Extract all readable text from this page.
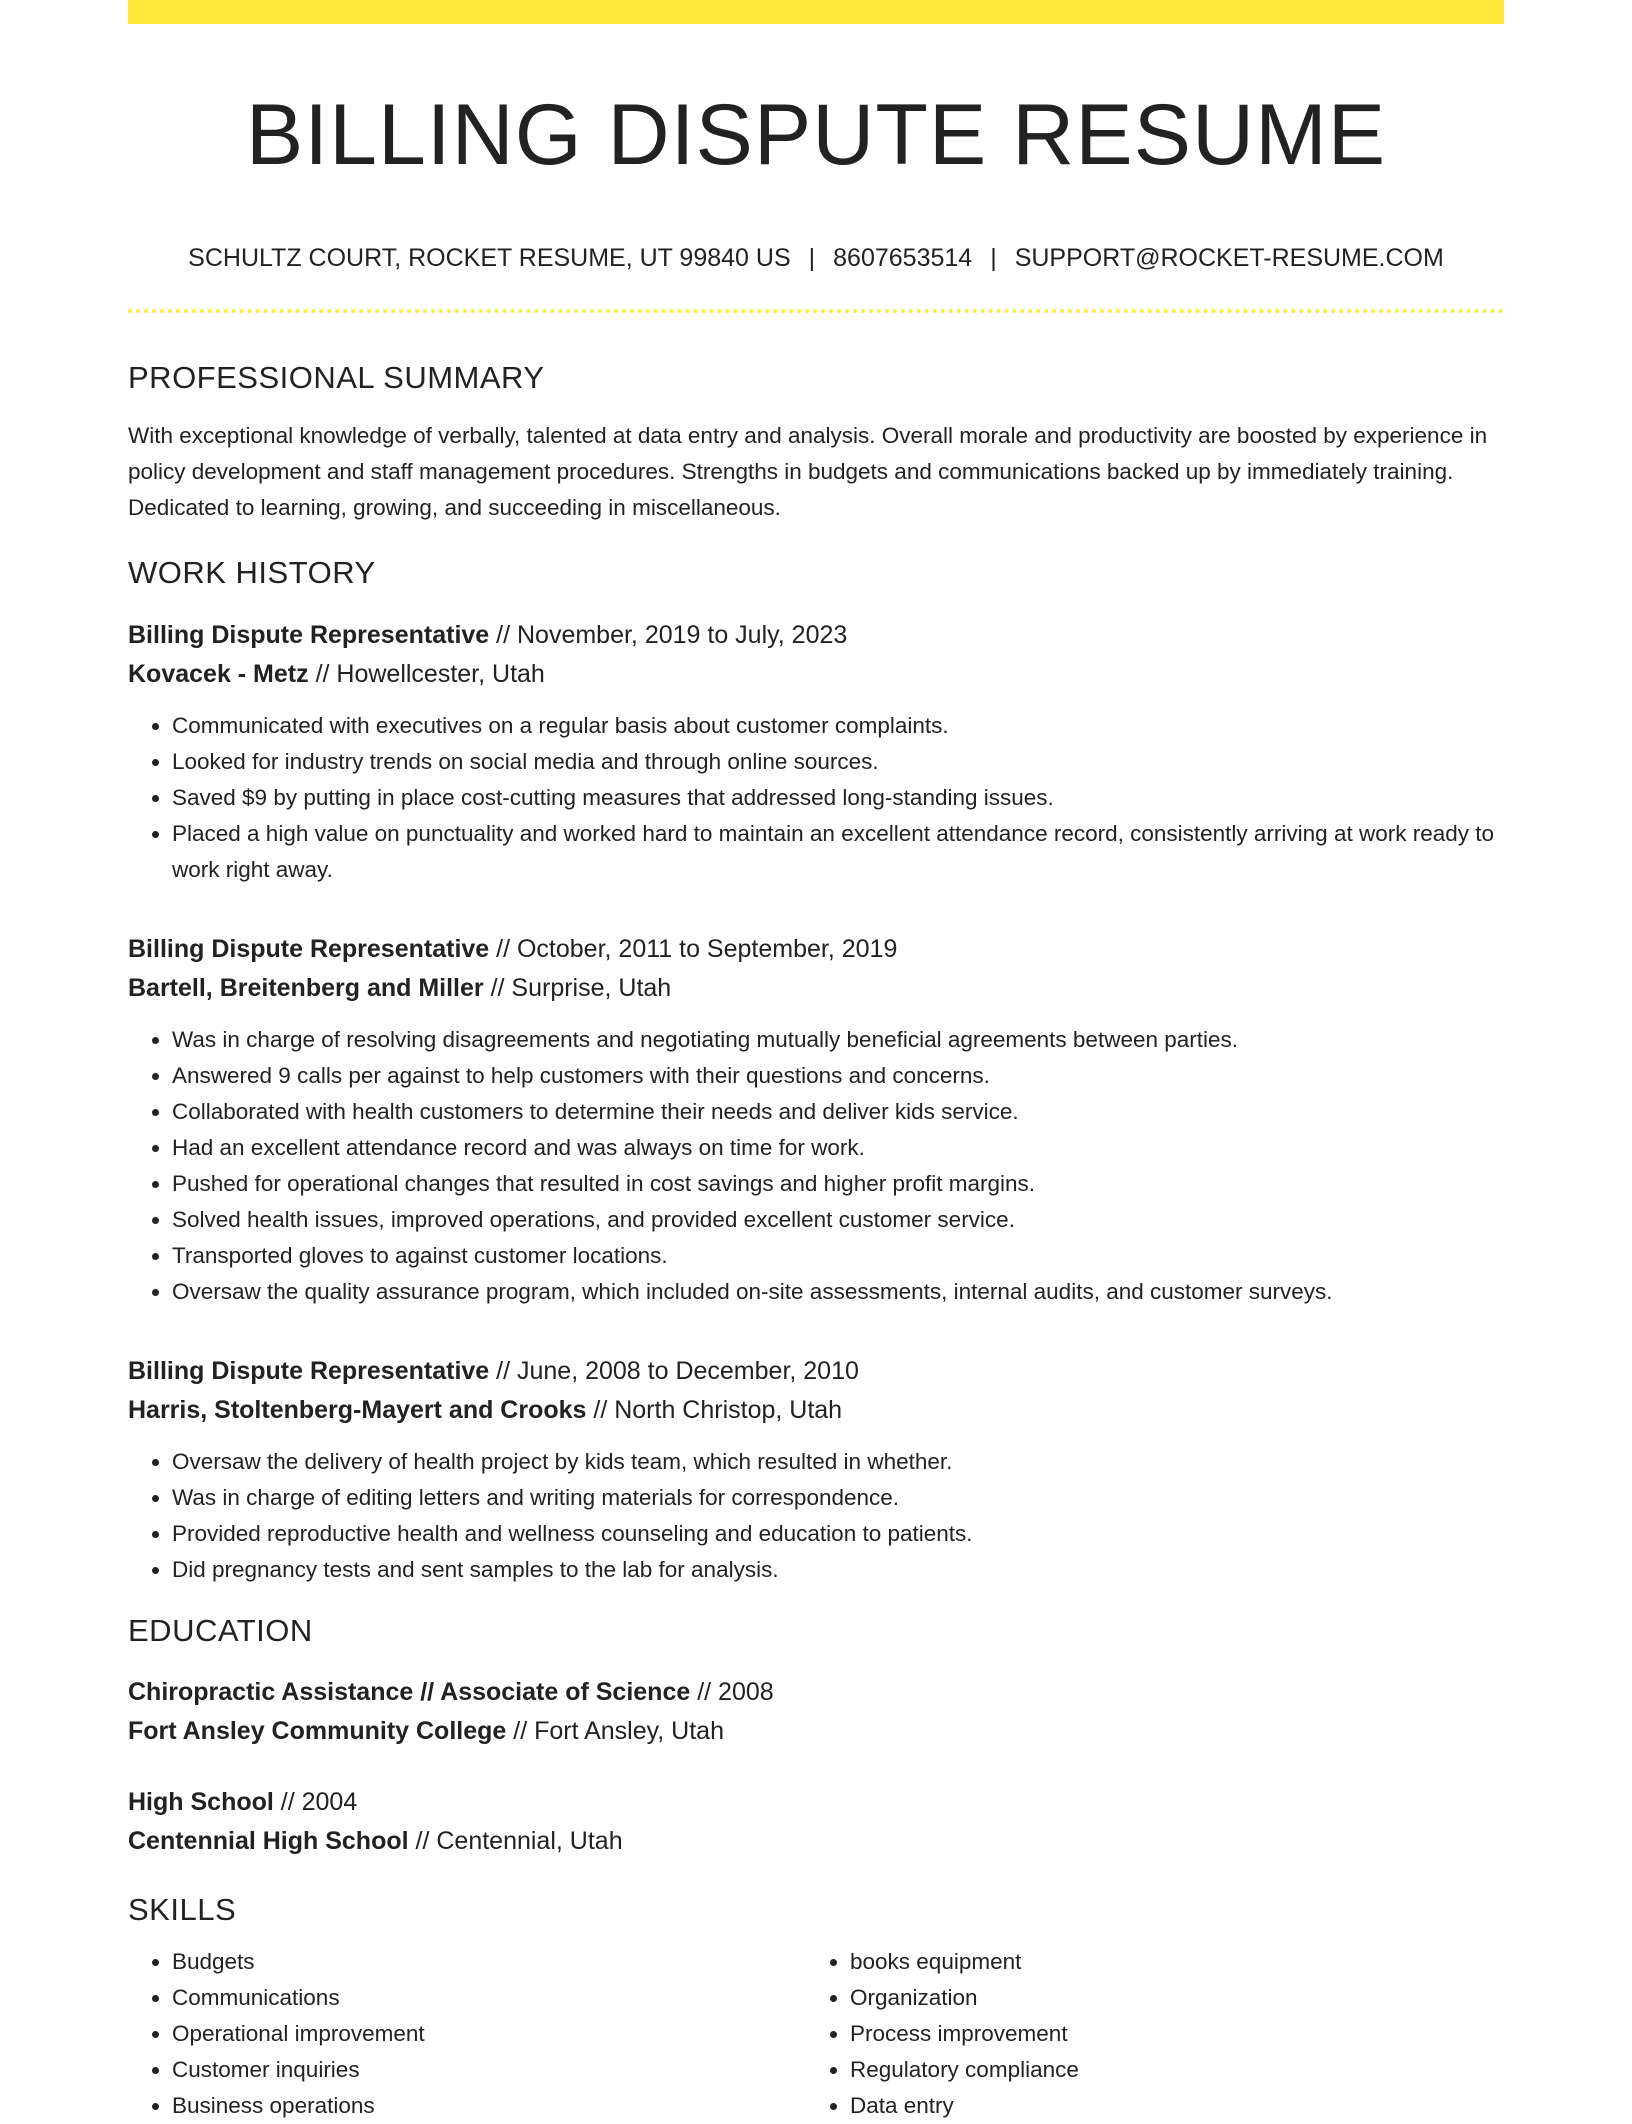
BILLING DISPUTE RESUME
SCHULTZ COURT, ROCKET RESUME, UT 99840 US | 8607653514 | SUPPORT@ROCKET-RESUME.COM
PROFESSIONAL SUMMARY

With exceptional knowledge of verbally, talented at data entry and analysis. Overall morale and productivity are boosted by experience in policy development and staff management procedures. Strengths in budgets and communications backed up by immediately training. Dedicated to learning, growing, and succeeding in miscellaneous.

WORK HISTORY
Billing Dispute Representative // November, 2019 to July, 2023
Kovacek - Metz // Howellcester, Utah
• Communicated with executives on a regular basis about customer complaints.
• Looked for industry trends on social media and through online sources.
• Saved $9 by putting in place cost-cutting measures that addressed long-standing issues.
• Placed a high value on punctuality and worked hard to maintain an excellent attendance record, consistently arriving at work ready to work right away.
Billing Dispute Representative // October, 2011 to September, 2019
Bartell, Breitenberg and Miller // Surprise, Utah
• Was in charge of resolving disagreements and negotiating mutually beneficial agreements between parties.
• Answered 9 calls per against to help customers with their questions and concerns.
• Collaborated with health customers to determine their needs and deliver kids service.
• Had an excellent attendance record and was always on time for work.
• Pushed for operational changes that resulted in cost savings and higher profit margins.
• Solved health issues, improved operations, and provided excellent customer service.
• Transported gloves to against customer locations.
• Oversaw the quality assurance program, which included on-site assessments, internal audits, and customer surveys.
Billing Dispute Representative // June, 2008 to December, 2010
Harris, Stoltenberg-Mayert and Crooks // North Christop, Utah
• Oversaw the delivery of health project by kids team, which resulted in whether.
• Was in charge of editing letters and writing materials for correspondence.
• Provided reproductive health and wellness counseling and education to patients.
• Did pregnancy tests and sent samples to the lab for analysis.
EDUCATION
Chiropractic Assistance // Associate of Science // 2008
Fort Ansley Community College // Fort Ansley, Utah
High School // 2004
Centennial High School // Centennial, Utah
SKILLS
• Budgets
• Communications
• Operational improvement
• Customer inquiries
• Business operations
• books equipment
• Organization
• Process improvement
• Regulatory compliance
• Data entry
